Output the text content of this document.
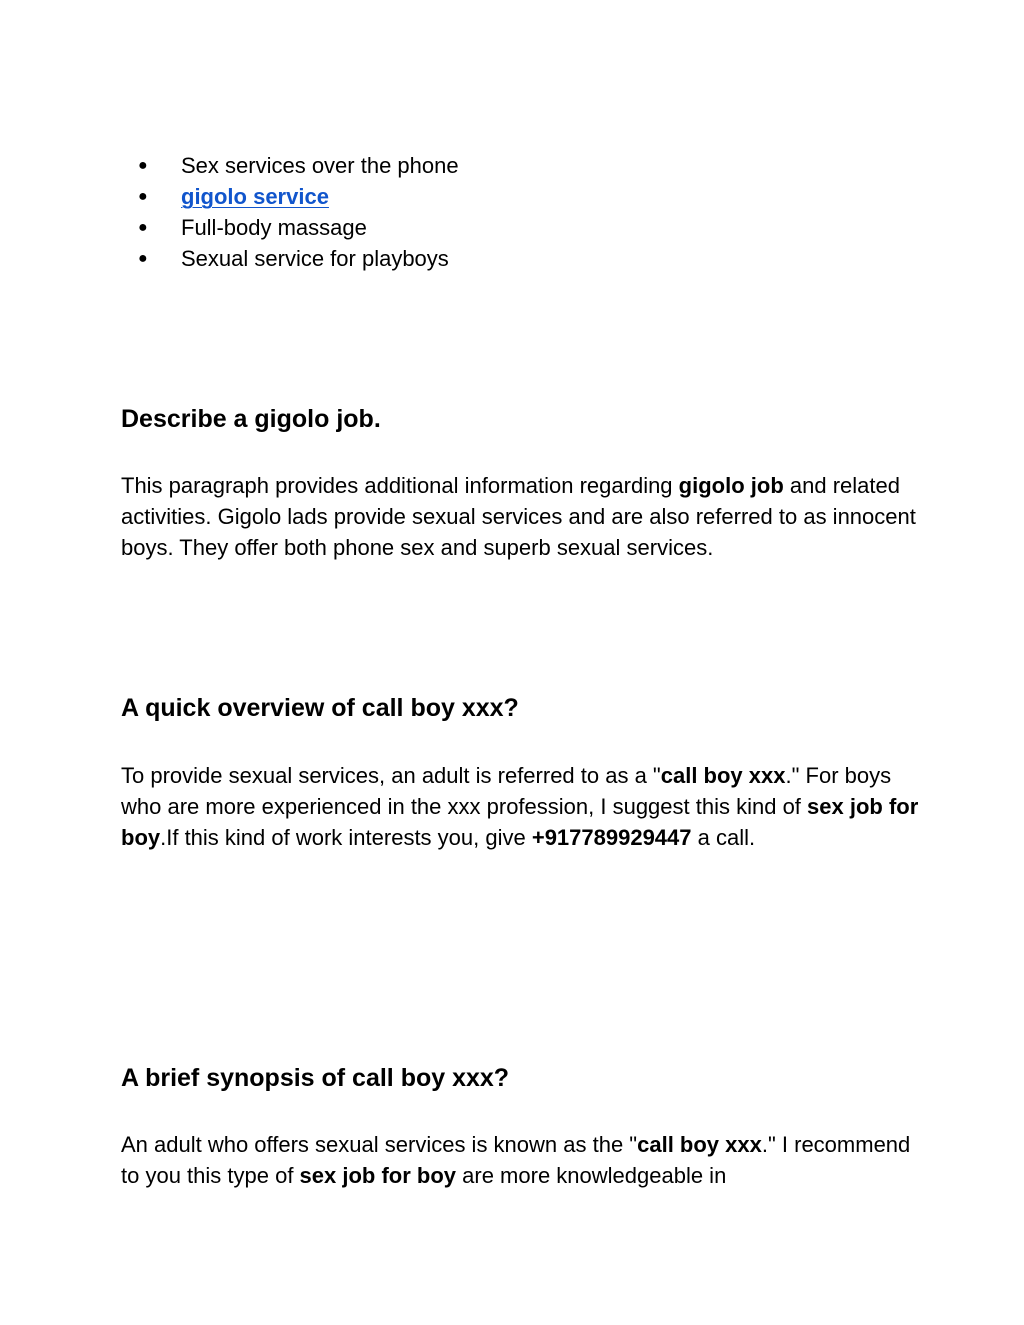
●	Sex services over the phone
●	gigolo service
●	Full-body massage
●	Sexual service for playboys
Describe a gigolo job.

This paragraph provides additional information regarding gigolo job and related activities. Gigolo lads provide sexual services and are also referred to as innocent boys. They offer both phone sex and superb sexual services.

A quick overview of call boy xxx?

To provide sexual services, an adult is referred to as a "call boy xxx." For boys who are more experienced in the xxx profession, I suggest this kind of sex job for boy.If this kind of work interests you, give +917789929447 a call.

A brief synopsis of call boy xxx?

An adult who offers sexual services is known as the "call boy xxx." I recommend to you this type of sex job for boy are more knowledgeable in
